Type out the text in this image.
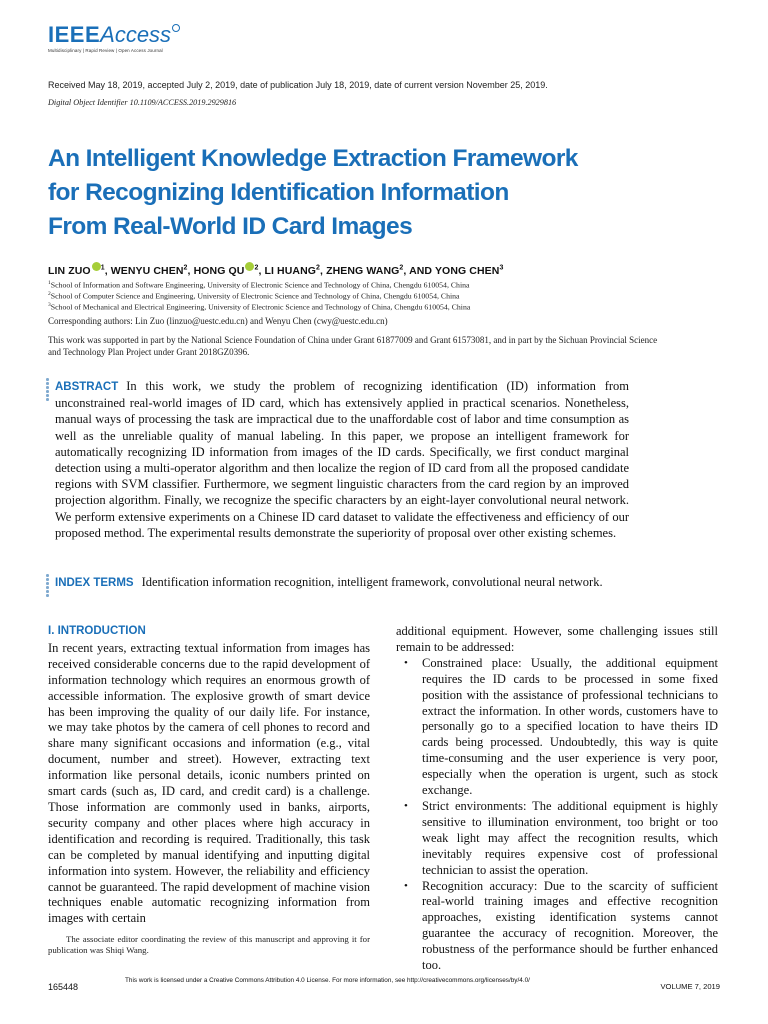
IEEEAccess
Multidisciplinary | Rapid Review | Open Access Journal
Received May 18, 2019, accepted July 2, 2019, date of publication July 18, 2019, date of current version November 25, 2019.
Digital Object Identifier 10.1109/ACCESS.2019.2929816
An Intelligent Knowledge Extraction Framework
for Recognizing Identification Information
From Real-World ID Card Images
LIN ZUO $^1$, WENYU CHEN$^2$, HONG QU $^2$, LI HUANG$^2$, ZHENG WANG$^2$, AND YONG CHEN$^3$
$^1$School of Information and Software Engineering, University of Electronic Science and Technology of China, Chengdu 610054, China
$^2$School of Computer Science and Engineering, University of Electronic Science and Technology of China, Chengdu 610054, China
$^3$School of Mechanical and Electrical Engineering, University of Electronic Science and Technology of China, Chengdu 610054, China
Corresponding authors: Lin Zuo (linzuo@uestc.edu.cn) and Wenyu Chen (cwy@uestc.edu.cn)
This work was supported in part by the National Science Foundation of China under Grant 61877009 and Grant 61573081, and in part by the Sichuan Provincial Science and Technology Plan Project under Grant 2018GZ0396.
ABSTRACT In this work, we study the problem of recognizing identification (ID) information from unconstrained real-world images of ID card, which has extensively applied in practical scenarios. Nonetheless, manual ways of processing the task are impractical due to the unaffordable cost of labor and time consumption as well as the unreliable quality of manual labeling. In this paper, we propose an intelligent framework for automatically recognizing ID information from images of the ID cards. Specifically, we first conduct marginal detection using a multi-operator algorithm and then localize the region of ID card from all the proposed candidate regions with SVM classifier. Furthermore, we segment linguistic characters from the card region by an improved projection algorithm. Finally, we recognize the specific characters by an eight-layer convolutional neural network. We perform extensive experiments on a Chinese ID card dataset to validate the effectiveness and efficiency of our proposed method. The experimental results demonstrate the superiority of proposal over other existing schemes.
INDEX TERMS Identification information recognition, intelligent framework, convolutional neural network.
I. INTRODUCTION
In recent years, extracting textual information from images has received considerable concerns due to the rapid development of information technology which requires an enormous growth of accessible information. The explosive growth of smart device has been improving the quality of our daily life. For instance, we may take photos by the camera of cell phones to record and share many significant occasions and information (e.g., vital document, number and street). However, extracting text information like personal details, iconic numbers printed on smart cards (such as, ID card, and credit card) is a challenge. Those information are commonly used in banks, airports, security company and other places where high accuracy in identification and recording is required. Traditionally, this task can be completed by manual identifying and inputting digital information into system. However, the reliability and efficiency cannot be guaranteed. The rapid development of machine vision techniques enable automatic recognizing information from images with certain
additional equipment. However, some challenging issues still remain to be addressed:
• Constrained place: Usually, the additional equipment requires the ID cards to be processed in some fixed position with the assistance of professional technicians to extract the information. In other words, customers have to personally go to a specified location to have theirs ID cards being processed. Undoubtedly, this way is quite time-consuming and the user experience is very poor, especially when the operation is urgent, such as stock exchange.
• Strict environments: The additional equipment is highly sensitive to illumination environment, too bright or too weak light may affect the recognition results, which inevitably requires expensive cost of professional technician to assist the operation.
• Recognition accuracy: Due to the scarcity of sufficient real-world training images and effective recognition approaches, existing identification systems cannot guarantee the accuracy of recognition. Moreover, the robustness of the performance should be further enhanced too.
The associate editor coordinating the review of this manuscript and approving it for publication was Shiqi Wang.
165448
This work is licensed under a Creative Commons Attribution 4.0 License. For more information, see http://creativecommons.org/licenses/by/4.0/
VOLUME 7, 2019
